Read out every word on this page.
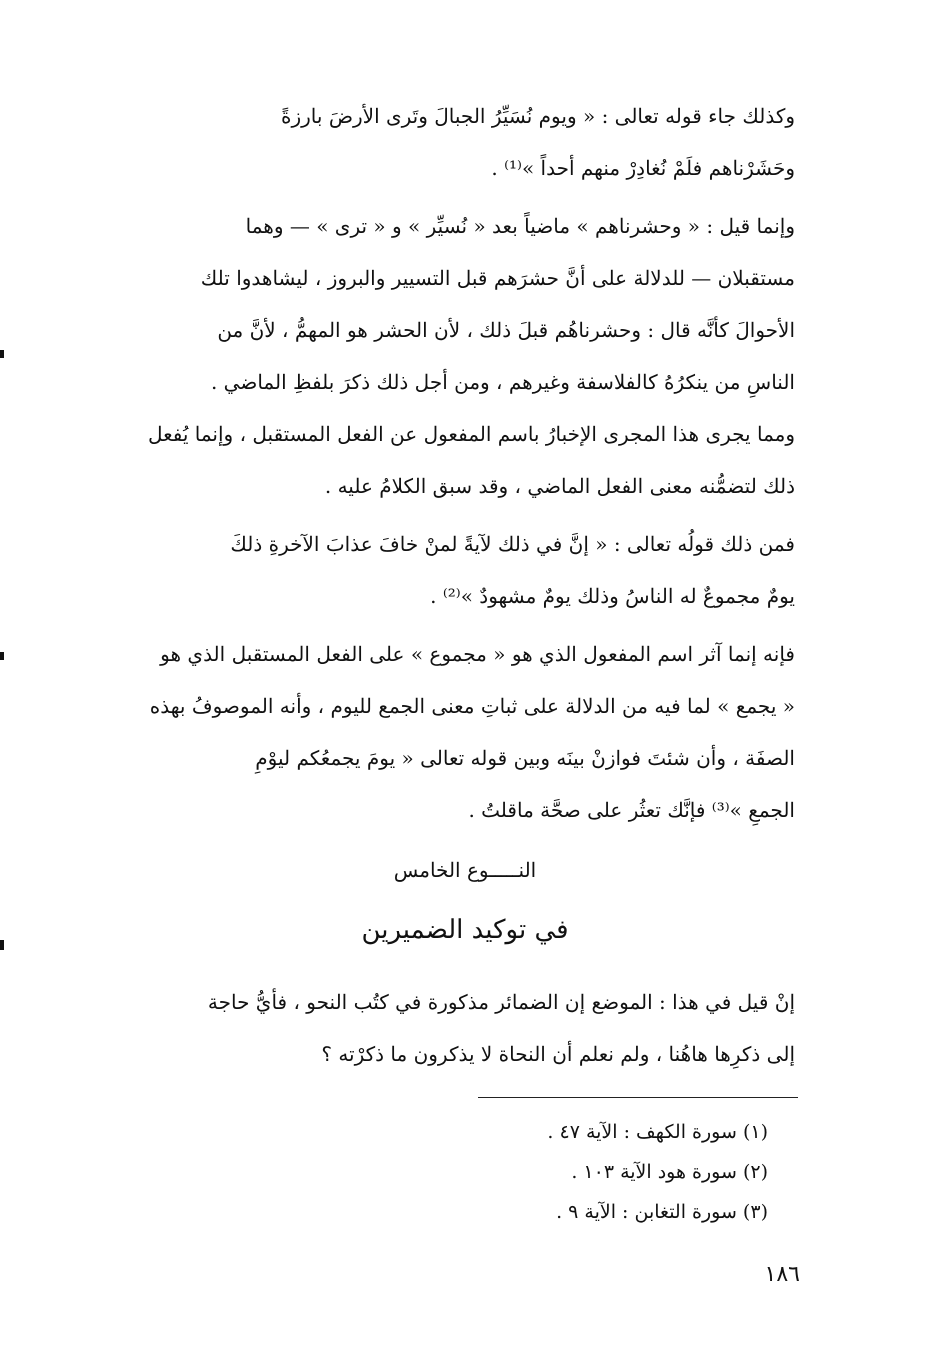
وكذلك جاء قوله تعالى : « ويوم نُسَيِّرُ الجبالَ وتَرى الأرضَ بارزةً
وحَشَرْناهم فلَمْ نُغادِرْ منهم أحداً »⁽¹⁾ .
وإنما قيل : « وحشرناهم » ماضياً بعد « نُسيِّر » و « ترى » — وهما
مستقبلان — للدلالة على أنَّ حشرَهم قبل التسيير والبروز ، ليشاهدوا تلك
الأحوالَ كأنَّه قال : وحشرناهُم قبلَ ذلك ، لأن الحشر هو المهمُّ ، لأنَّ من
الناسِ من ينكرُهُ كالفلاسفة وغيرهم ، ومن أجل ذلك ذكرَ بلفظِ الماضي .
ومما يجرى هذا المجرى الإخبارُ باسم المفعول عن الفعل المستقبل ، وإنما يُفعل
ذلك لتضمُّنه معنى الفعل الماضي ، وقد سبق الكلامُ عليه .
فمن ذلك قولُه تعالى : « إنَّ في ذلك لآيةً لمنْ خافَ عذابَ الآخرةِ ذلكَ
يومٌ مجموعٌ له الناسُ وذلك يومٌ مشهودٌ »⁽²⁾ .
فإنه إنما آثر اسم المفعول الذي هو « مجموع » على الفعل المستقبل الذي هو
« يجمع » لما فيه من الدلالة على ثباتِ معنى الجمع لليوم ، وأنه الموصوفُ بهذه
الصفَة ، وأن شئتَ فوازنْ بينَه وبين قوله تعالى « يومَ يجمعُكم ليوْمِ
الجمعِ »⁽³⁾ فإنَّك تعثُر على صحَّة ماقلتُ .
النـــــوع الخامس
في توكيد الضميرين
إنْ قيل في هذا : الموضع إن الضمائر مذكورة في كتُب النحو ، فأيُّ حاجة
إلى ذكرِها هاهُنا ، ولم نعلم أن النحاة لا يذكرون ما ذكرْته ؟
(١) سورة الكهف : الآية ٤٧ .
(٢) سورة هود الآية ١٠٣ .
(٣) سورة التغابن : الآية ٩ .
١٨٦
